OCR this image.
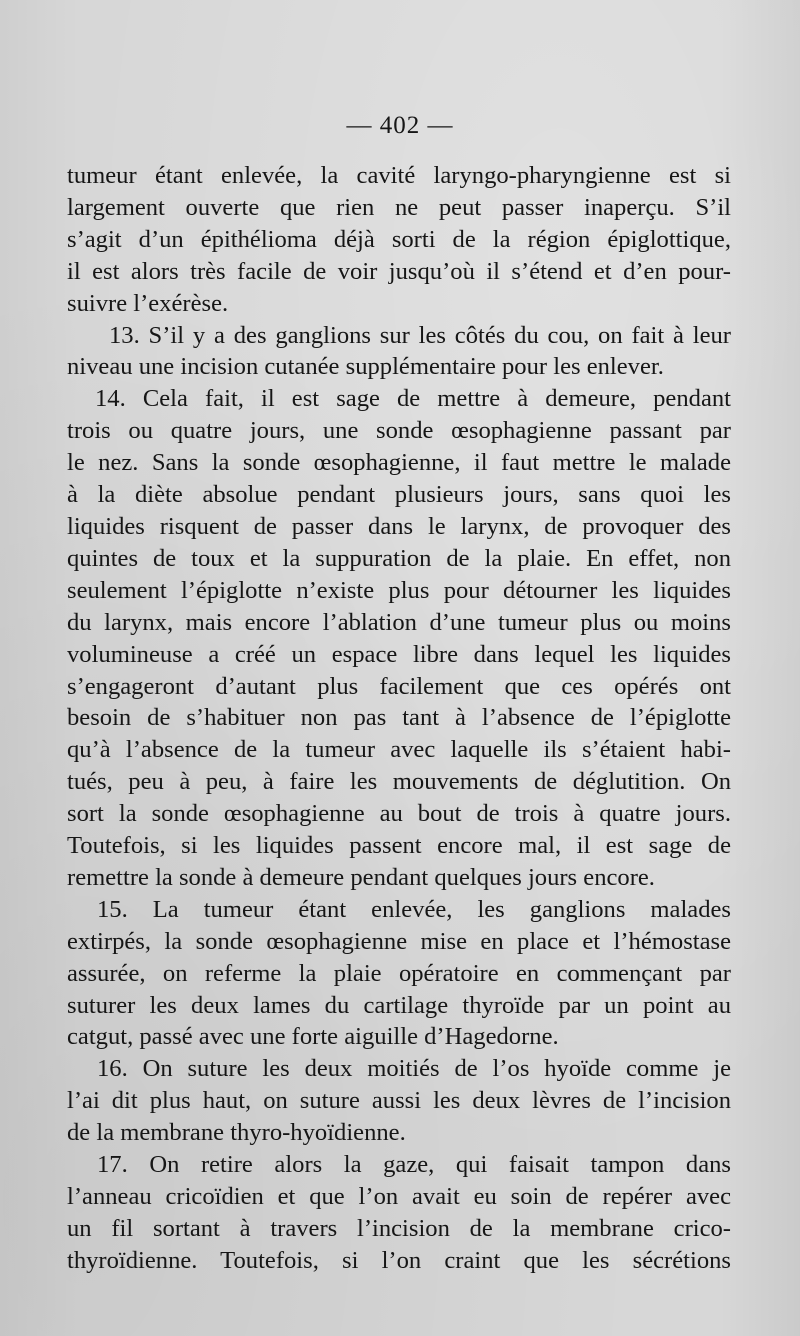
— 402 —
tumeur étant enlevée, la cavité laryngo-pharyngienne est si
largement ouverte que rien ne peut passer inaperçu. S’il
s’agit d’un épithélioma déjà sorti de la région épiglottique,
il est alors très facile de voir jusqu’où il s’étend et d’en pour-
suivre l’exérèse.
13. S’il y a des ganglions sur les côtés du cou, on fait à leur
niveau une incision cutanée supplémentaire pour les enlever.
14. Cela fait, il est sage de mettre à demeure, pendant
trois ou quatre jours, une sonde œsophagienne passant par
le nez. Sans la sonde œsophagienne, il faut mettre le malade
à la diète absolue pendant plusieurs jours, sans quoi les
liquides risquent de passer dans le larynx, de provoquer des
quintes de toux et la suppuration de la plaie. En effet, non
seulement l’épiglotte n’existe plus pour détourner les liquides
du larynx, mais encore l’ablation d’une tumeur plus ou moins
volumineuse a créé un espace libre dans lequel les liquides
s’engageront d’autant plus facilement que ces opérés ont
besoin de s’habituer non pas tant à l’absence de l’épiglotte
qu’à l’absence de la tumeur avec laquelle ils s’étaient habi-
tués, peu à peu, à faire les mouvements de déglutition. On
sort la sonde œsophagienne au bout de trois à quatre jours.
Toutefois, si les liquides passent encore mal, il est sage de
remettre la sonde à demeure pendant quelques jours encore.
15. La tumeur étant enlevée, les ganglions malades
extirpés, la sonde œsophagienne mise en place et l’hémostase
assurée, on referme la plaie opératoire en commençant par
suturer les deux lames du cartilage thyroïde par un point au
catgut, passé avec une forte aiguille d’Hagedorne.
16. On suture les deux moitiés de l’os hyoïde comme je
l’ai dit plus haut, on suture aussi les deux lèvres de l’incision
de la membrane thyro-hyoïdienne.
17. On retire alors la gaze, qui faisait tampon dans
l’anneau cricoïdien et que l’on avait eu soin de repérer avec
un fil sortant à travers l’incision de la membrane crico-
thyroïdienne. Toutefois, si l’on craint que les sécrétions
